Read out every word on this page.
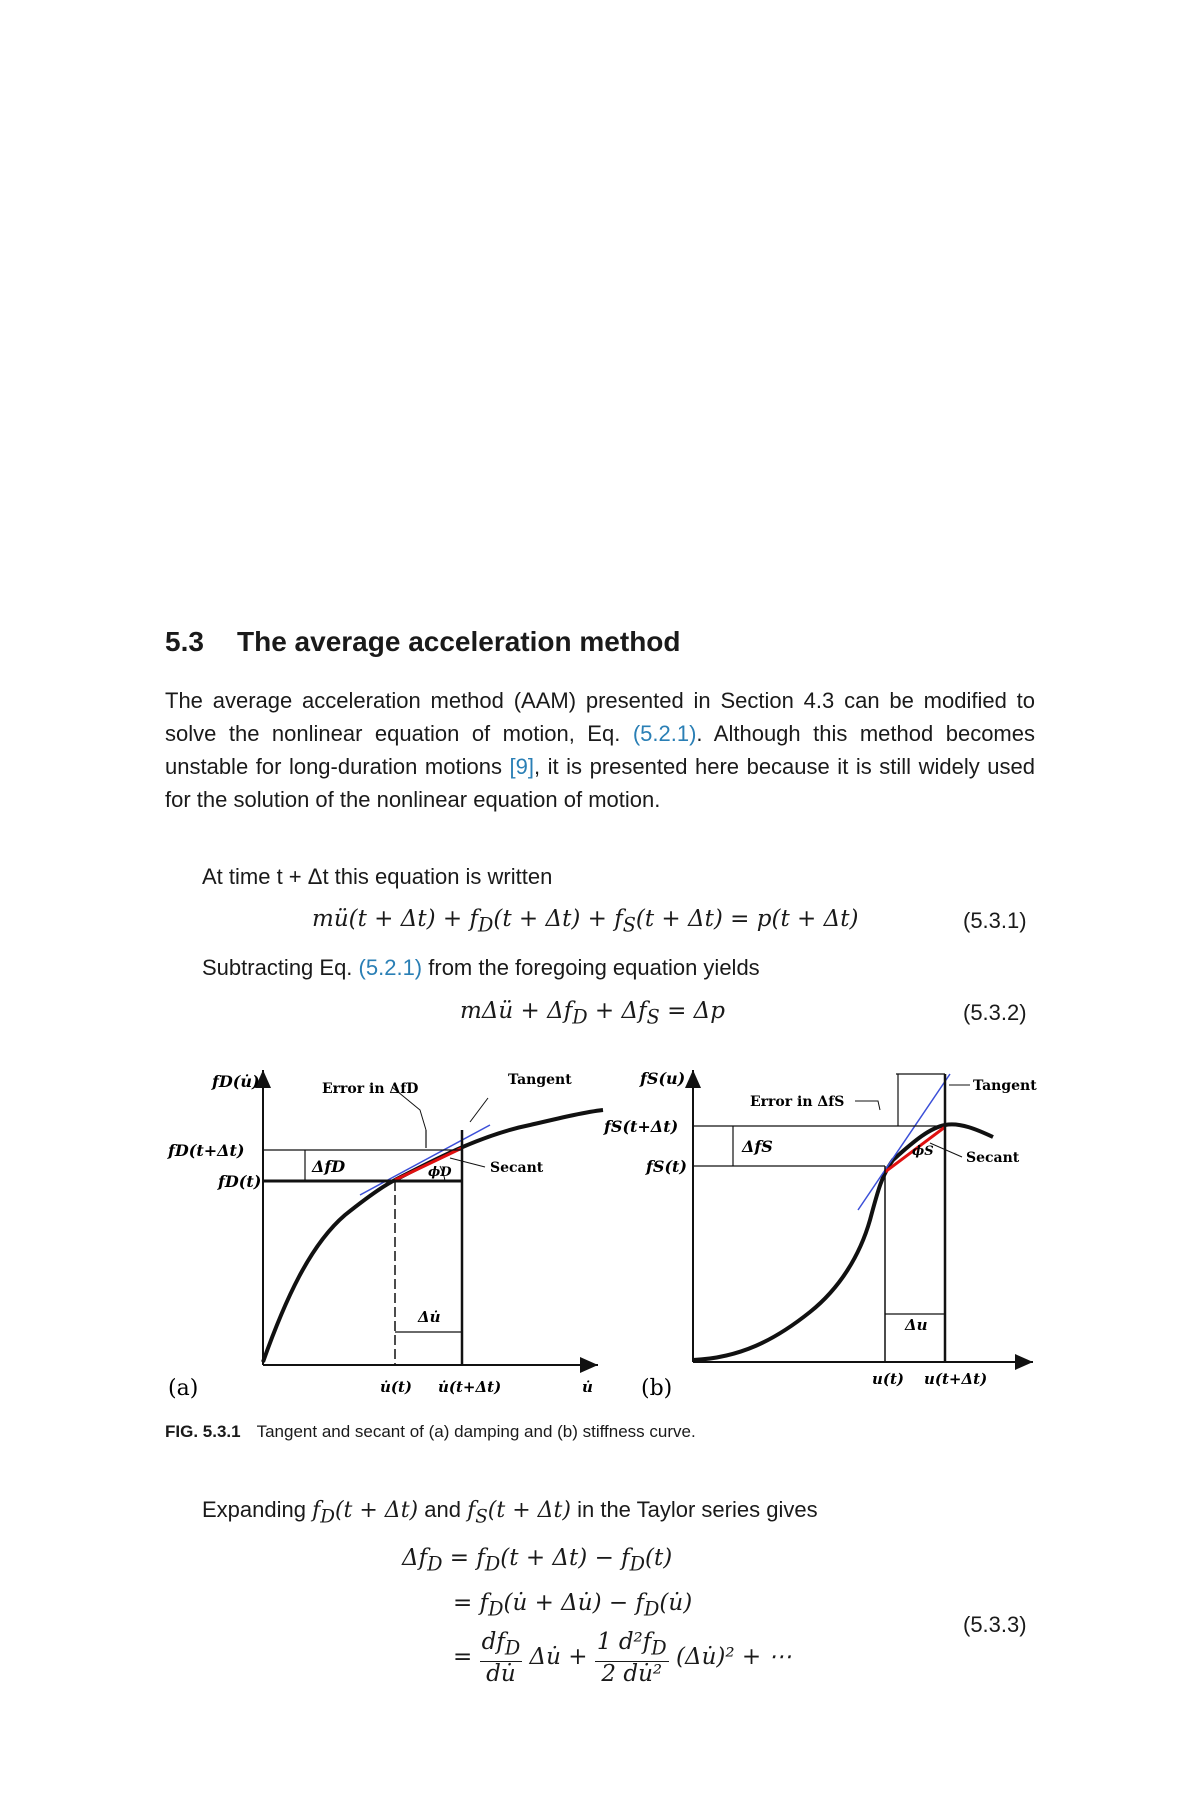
5.3 The average acceleration method
The average acceleration method (AAM) presented in Section 4.3 can be modified to solve the nonlinear equation of motion, Eq. (5.2.1). Although this method becomes unstable for long-duration motions [9], it is presented here because it is still widely used for the solution of the nonlinear equation of motion.
At time t + Δt this equation is written
mü(t + $\Delta t) + f_D(t + \Delta t) + f_S(t + \Delta t) = p(t + \Delta t)$	(5.3.1)
Subtracting Eq. (5.2.1) from the foregoing equation yields
mΔü + $\Delta f_D + \Delta f_S = \Delta p$	(5.3.2)
fD(u̇)
fD(t+Δt)
fD(t)
ΔfD
Error in ΔfD
Tangent
Secant
ϕD
Δu̇
u̇(t) u̇(t+Δt)	u̇
(a)
fS(u)
fS(t+Δt)
fS(t)
ΔfS
Error in ΔfS
Tangent
Secant
ϕS
Δu
u(t) u(t+Δt)
(b)
FIG. 5.3.1 Tangent and secant of (a) damping and (b) stiffness curve.
Expanding $f_D(t + \Delta t)$ and $f_S(t + \Delta t)$ in the Taylor series gives
$\Delta f_D = f_D(t + \Delta t) - f_D(t)$
= $f_D(u̇$ + Δu̇) − $f_D(u̇)$
= $\frac{df_D}{du̇}$ Δu̇ + $\frac{1 d^2f_D}{\text{2 du̇²}}$ (Δu̇)² + ⋯
(5.3.3)
